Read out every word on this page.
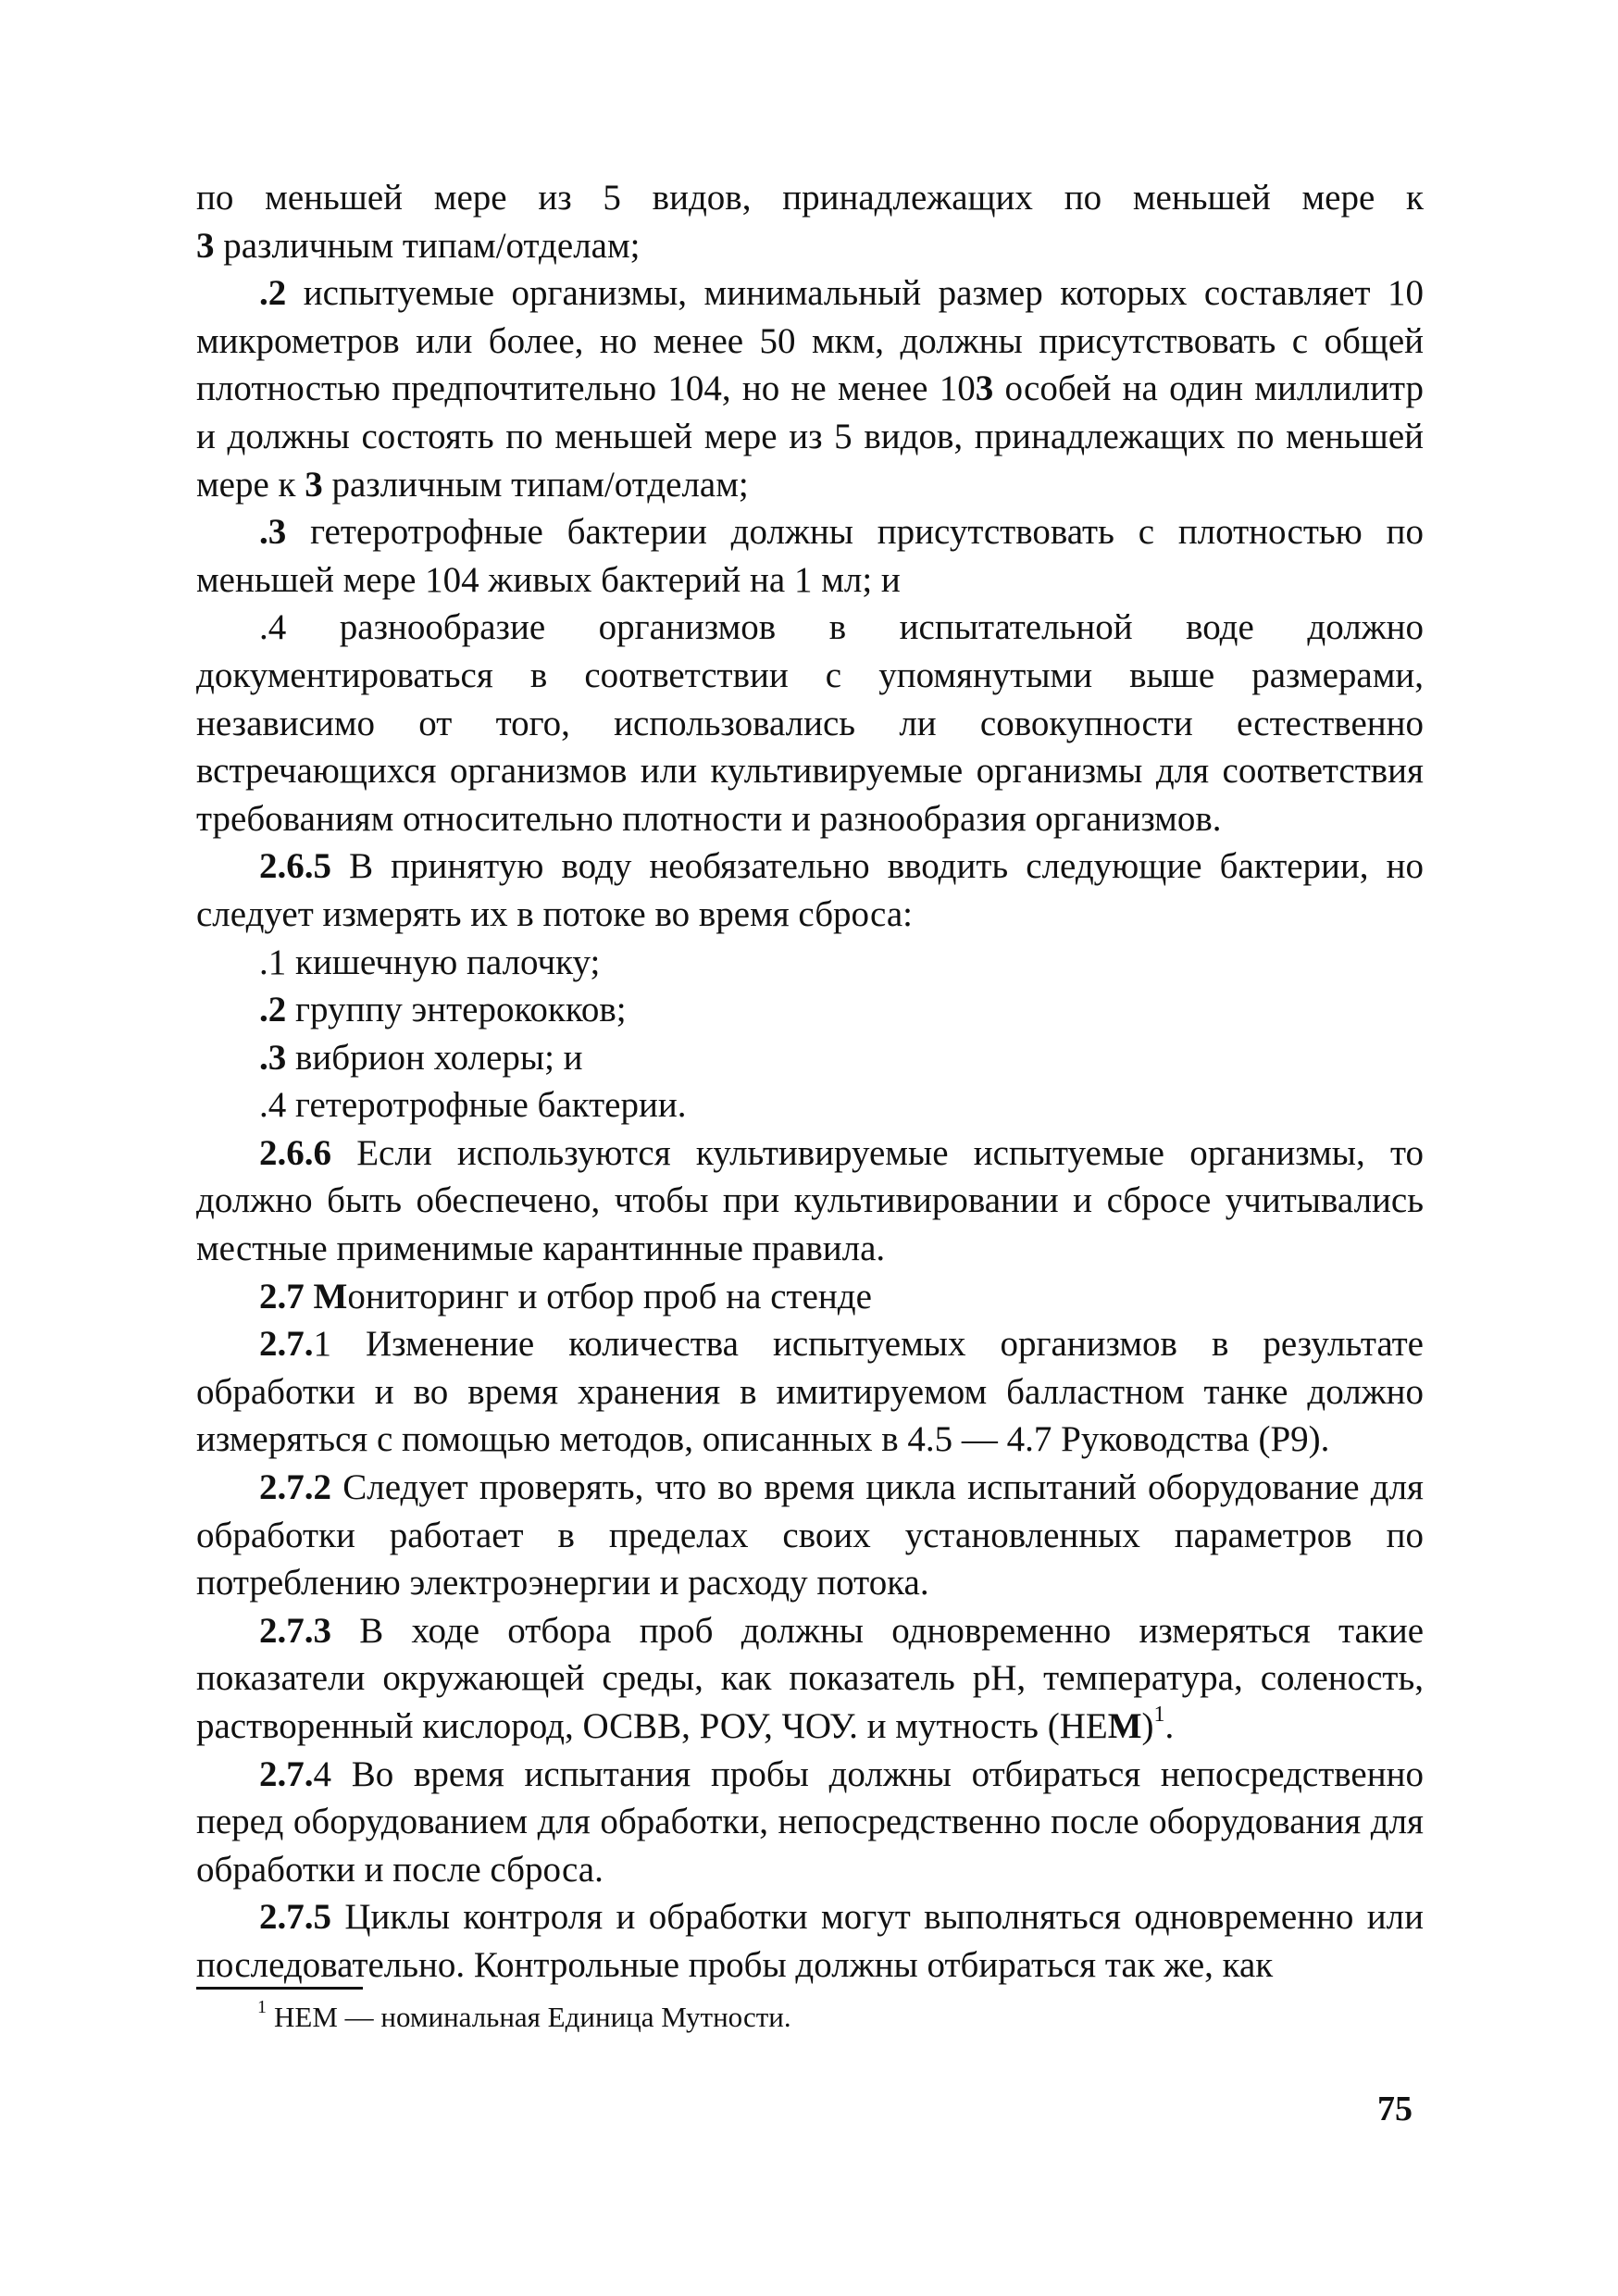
по меньшей мере из 5 видов, принадлежащих по меньшей мере к

3 различным типам/отделам;

.2 испытуемые организмы, минимальный размер которых составляет 10 микрометров или более, но менее 50 мкм, должны присутствовать с общей плотностью предпочтительно 104, но не менее 103 особей на один миллилитр и должны состоять по меньшей мере из 5 видов, принадлежащих по меньшей мере к 3 различным типам/отделам;

.3 гетеротрофные бактерии должны присутствовать с плотностью по меньшей мере 104 живых бактерий на 1 мл; и

.4 разнообразие организмов в испытательной воде должно документироваться в соответствии с упомянутыми выше размерами, независимо от того, использовались ли совокупности естественно встречающихся организмов или культивируемые организмы для соответствия требованиям относительно плотности и разнообразия организмов.

2.6.5 В принятую воду необязательно вводить следующие бактерии, но следует измерять их в потоке во время сброса:

.1 кишечную палочку;

.2 группу энтерококков;

.3 вибрион холеры; и

.4 гетеротрофные бактерии.

2.6.6 Если используются культивируемые испытуемые организмы, то должно быть обеспечено, чтобы при культивировании и сбросе учитывались местные применимые карантинные правила.

2.7 Мониторинг и отбор проб на стенде

2.7.1 Изменение количества испытуемых организмов в результате обработки и во время хранения в имитируемом балластном танке должно измеряться с помощью методов, описанных в 4.5 — 4.7 Руководства (Р9).

2.7.2 Следует проверять, что во время цикла испытаний оборудование для обработки работает в пределах своих установленных параметров по потреблению электроэнергии и расходу потока.

2.7.3 В ходе отбора проб должны одновременно измеряться такие показатели окружающей среды, как показатель pH, температура, соленость, растворенный кислород, ОСВВ, РОУ, ЧОУ. и мутность (НЕМ)$^1$.

2.7.4 Во время испытания пробы должны отбираться непосредственно перед оборудованием для обработки, непосредственно после оборудования для обработки и после сброса.

2.7.5 Циклы контроля и обработки могут выполняться одновременно или последовательно. Контрольные пробы должны отбираться так же, как

$^1$ НЕМ — номинальная Единица Мутности.
75
